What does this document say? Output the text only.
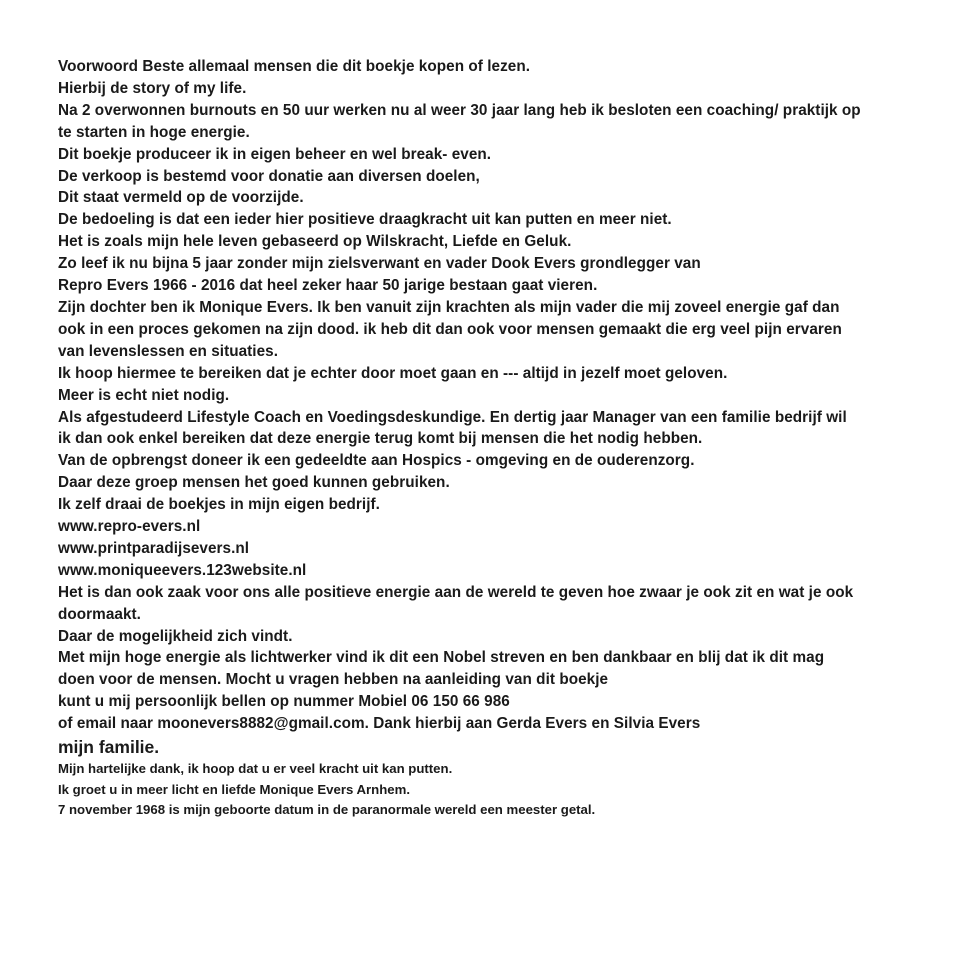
Voorwoord Beste allemaal mensen die dit boekje kopen of lezen.
Hierbij de story of my life.
Na 2 overwonnen burnouts en 50 uur werken nu al weer 30 jaar lang heb ik besloten een coaching/ praktijk op
te starten in hoge energie.
Dit boekje produceer ik in eigen beheer en wel break- even.
De verkoop is bestemd voor donatie aan diversen doelen,
Dit staat vermeld op de voorzijde.
De bedoeling is dat een ieder hier positieve draagkracht uit kan putten en meer niet.
Het is zoals mijn hele leven gebaseerd op Wilskracht, Liefde en Geluk.
Zo leef ik nu bijna 5 jaar zonder mijn zielsverwant en vader Dook Evers grondlegger van
Repro Evers 1966 - 2016 dat heel zeker haar 50 jarige bestaan gaat vieren.
Zijn dochter ben ik Monique Evers. Ik ben vanuit zijn krachten als mijn vader die mij zoveel energie gaf dan
ook in een proces gekomen na zijn dood. ik heb dit dan ook voor mensen gemaakt die erg veel pijn ervaren
van levenslessen en situaties.
Ik hoop hiermee te bereiken dat je echter door moet gaan en --- altijd in jezelf moet geloven.
Meer is echt niet nodig.
Als afgestudeerd Lifestyle Coach en Voedingsdeskundige. En dertig jaar Manager van een familie bedrijf wil
ik dan ook enkel bereiken dat deze energie terug komt bij mensen die het nodig hebben.
Van de opbrengst doneer ik een gedeeldte aan Hospics - omgeving en de ouderenzorg.
Daar deze groep mensen het goed kunnen gebruiken.
Ik zelf draai de boekjes in mijn eigen bedrijf.
www.repro-evers.nl
www.printparadijsevers.nl
www.moniqueevers.123website.nl
Het is dan ook zaak voor ons alle positieve energie aan de wereld te geven hoe zwaar je ook zit en wat je ook
doormaakt.
Daar de mogelijkheid zich vindt.
Met mijn hoge energie als lichtwerker vind ik dit een Nobel streven en ben dankbaar en blij dat ik dit mag
doen voor de mensen. Mocht u vragen hebben na aanleiding van dit boekje
kunt u mij persoonlijk bellen op nummer Mobiel 06 150 66 986
of email naar moonevers8882@gmail.com. Dank hierbij aan Gerda Evers en Silvia Evers
mijn familie.
Mijn hartelijke dank, ik hoop dat u er veel kracht uit kan putten.
Ik groet u in meer licht en liefde Monique Evers Arnhem.
7 november 1968 is mijn geboorte datum in de paranormale wereld een meester getal.
